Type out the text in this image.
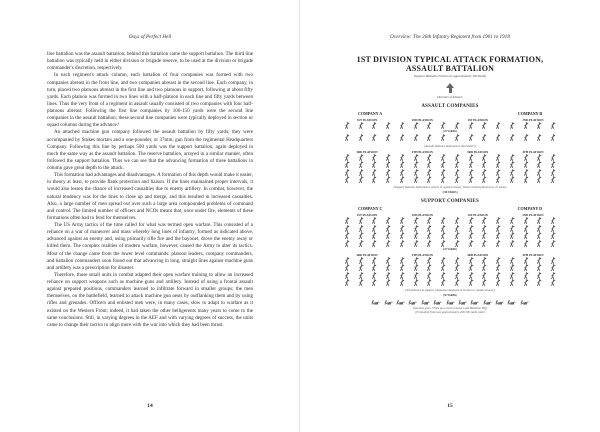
Days of Perfect Hell

line battalion was the assault battalion; behind this battalion came the support battalion. The third line battalion was typically held in either division or brigade reserve, to be used at the division or brigade commander's discretion, respectively.

In each regiment's attack column, each battalion of four companies was formed with two companies abreast in the front line, and two companies abreast in the second line. Each company, in turn, placed two platoons abreast in the first line and two platoons in support, following at about fifty yards. Each platoon was formed in two lines with a half-platoon in each line and fifty yards between lines. Thus the very front of a regiment in assault usually consisted of two companies with four half-platoons abreast. Following the first line companies by 100-150 yards were the second line companies in the assault battalion; these second line companies were typically deployed in section or squad columns during the advance.¹

An attached machine gun company followed the assault battalion by fifty yards; they were accompanied by Stokes mortars and a one-pounder, or 37mm, gun from the regimental Headquarters Company. Following this line by perhaps 500 yards was the support battalion, again deployed in much the same way as the assault battalion. The reserve battalion, arrayed in a similar manner, often followed the support battalion. Thus we can see that the advancing formation of three battalions in column gave great depth to the attack.

This formation had advantages and disadvantages. A formation of this depth would make it easier, in theory at least, to provide flank protection and liaison. If the lines maintained proper intervals, it would also lessen the chance of increased casualties due to enemy artillery. In combat, however, the natural tendency was for the lines to close up and merge, and this resulted in increased casualties. Also, a large number of men spread out over such a large area compounded problems of command and control. The limited number of officers and NCOs meant that, once under fire, elements of these formations often had to fend for themselves.

The US Army tactics of the time called for what was termed open warfare. This consisted of a reliance on a war of maneuver and mass whereby long lines of infantry, formed as indicated above, advanced against an enemy and, using primarily rifle fire and the bayonet, drove the enemy away or killed them. The complex realities of modern warfare, however, caused the Army to alter its tactics. Most of the change came from the lower level commands: platoon leaders, company commanders, and battalion commanders soon found out that advancing in long, straight lines against machine guns and artillery was a prescription for disaster.

Therefore, those small units in combat adapted their open warfare training to allow an increased reliance on support weapons such as machine guns and artillery. Instead of using a frontal assault against prepared positions, commanders learned to infiltrate forward in smaller groups; the men themselves, on the battlefield, learned to attack machine gun nests by outflanking them and by using rifles and grenades. Officers and enlisted men were, in many cases, slow to adapt to warfare as it existed on the Western Front; indeed, it had taken the other belligerents many years to come to the same conclusions. Still, in varying degrees in the AEF and with varying degrees of success, the units came to change their tactics to align more with the war into which they had been thrust.

14
Overview: The 26th Infantry Regiment from 1901 to 1918
1ST DIVISION TYPICAL ATTACK FORMATION,
ASSAULT BATTALION
(Support Battalion Follows by approximately 500 Yards)
Direction of Advance
ASSAULT COMPANIES
COMPANY A	COMPANY B
1ST PLATOON	2ND PLATOON	1ST PLATOON	2ND PLATOON
(25 YARDS)
(Assault platoons deployed as skirmishers)
3RD PLATOON	4TH PLATOON	3RD PLATOON	4TH PLATOON
(Support platoons deployed in section or squad columns; follow assault platoons by 25 yards)
(100 YARDS)
SUPPORT COMPANIES
COMPANY C	COMPANY D
1ST PLATOON	2ND PLATOON	1ST PLATOON	2ND PLATOON
(25 YARDS)
3RD PLATOON	4TH PLATOON	3RD PLATOON	4TH PLATOON
(All platoons in support companies deployed in section or squad columns)
(50 YARDS)
(machine guns, 37mm gun, trench mortars and Battalion HQ)
(Formation front was approximately 400-500 yards wide)
15
